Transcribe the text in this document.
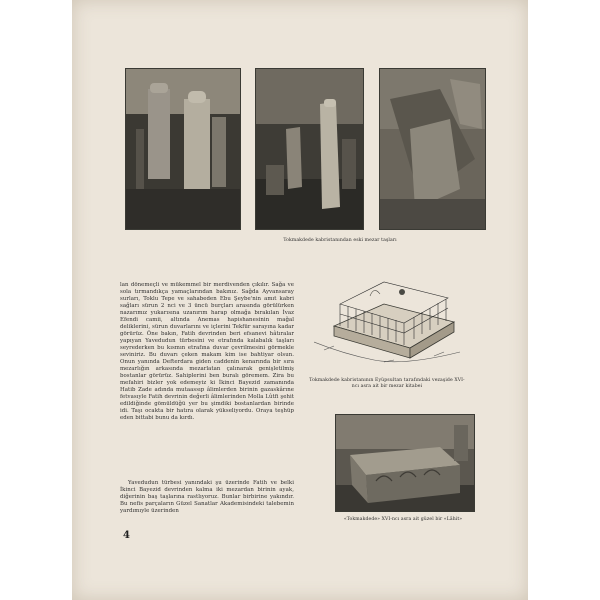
Tokmakdede kabristanından eski mezar taşları

lan dönemeçli ve mükemmel bir merdivenden çıkılır. Sağa ve sola tırmandıkça yamaçlarından bakınız. Sağda Ayvansaray surları, Toklu Tepe ve sahabeden Ebu Şeybe'nin amıt kabri sağları sürun 2 nci ve 3 üncü burçları arasında görülürken nazarımız yukarısına uzanırım harap olmağa bırakılan İvaz Efendi camii, altında Anemas hapishanesinin mağal deliklerini, sürun duvarlarını ve içlerini Tekfür sarayına kadar görürüz. Öne bakın, Fatih devrinden beri efsanevi hâtıralar yapıyan Yavedudun türbesini ve etrafında kalabalık taşları seyrederken bu kısmın etrafına duvar çevrilmesini görmekle seviniriz. Bu duvarı çeken makam kim ise bahtiyar olsun. Onun yanında Defterdara giden caddenin kenarında bir sıra mezarlığın arkasında mezarlatan çalınarak genişletilmiş bostanlar görürüz. Sahiplerini ben buralı göremem. Zira bu mefahiri bizler yok edemeyiz ki İkinci Bayezid zamanında Hatib Zade adında mutaassıp âlimlerden birinin gazaskârıne fetvasıyle Fatih devrinin değerli âlimlerinden Molla Lûtfi şehit edildiğinde gömüldüğü yer bu şimdiki bostanlardan birinde idi. Taşı ocakta bir hatıra olarak yükseliyordu. Oraya teşhüp eden bittabi bunu da kırdı.

Yavedudun türbesi yanındaki şu üzerinde Fatih ve belki İkinci Bayezid devrinden kalma iki mezardan birinin ayak, diğerinin baş taşlarına rastlıyoruz. Bunlar birbirine yakındır. Bu nefis parçaların Güzel Sanatlar Akademisindeki talebemin yardımıyle üzerinden

Tokmakdede kabristanının Eyüpsultan tarafındaki vezaşide XVI-ncı asra ait bir mezar kitabei
«Tokmakdede» XVI-ncı asra ait güzel bir «Lâhit»
4
